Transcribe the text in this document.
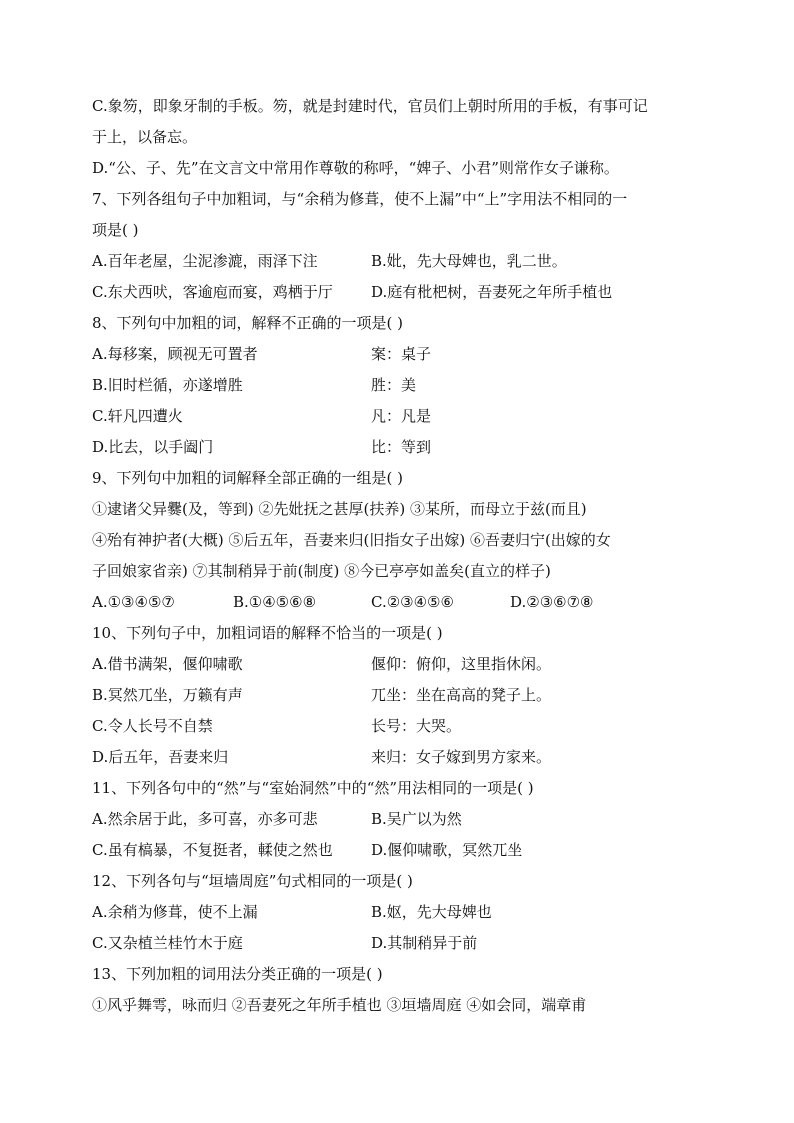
C.象笏，即象牙制的手板。笏，就是封建时代，官员们上朝时所用的手板，有事可记
于上，以备忘。
D.“公、子、先”在文言文中常用作尊敬的称呼，“婢子、小君”则常作女子谦称。
7、下列各组句子中加粗词，与“余稍为修葺，使不上漏”中“上”字用法不相同的一
项是( )
A.百年老屋，尘泥渗漉，雨泽下注	B.妣，先大母婢也，乳二世。
C.东犬西吠，客逾庖而宴，鸡栖于厅	D.庭有枇杷树，吾妻死之年所手植也
8、下列句中加粗的词，解释不正确的一项是( )
A.每移案，顾视无可置者	案：桌子
B.旧时栏循，亦遂增胜	胜：美
C.轩凡四遭火	凡：凡是
D.比去，以手阖门	比：等到
9、下列句中加粗的词解释全部正确的一组是( )
①逮诸父异爨(及，等到) ②先妣抚之甚厚(扶养) ③某所，而母立于兹(而且)
④殆有神护者(大概) ⑤后五年，吾妻来归(旧指女子出嫁) ⑥吾妻归宁(出嫁的女
子回娘家省亲) ⑦其制稍异于前(制度) ⑧今已亭亭如盖矣(直立的样子)
A.①③④⑤⑦	B.①④⑤⑥⑧	C.②③④⑤⑥	D.②③⑥⑦⑧
10、下列句子中，加粗词语的解释不恰当的一项是( )
A.借书满架，偃仰啸歌	偃仰：俯仰，这里指休闲。
B.冥然兀坐，万籁有声	兀坐：坐在高高的凳子上。
C.令人长号不自禁	长号：大哭。
D.后五年，吾妻来归	来归：女子嫁到男方家来。
11、下列各句中的“然”与“室始洞然”中的“然”用法相同的一项是( )
A.然余居于此，多可喜，亦多可悲	B.吴广以为然
C.虽有槁暴，不复挺者，輮使之然也	D.偃仰啸歌，冥然兀坐
12、下列各句与“垣墙周庭”句式相同的一项是( )
A.余稍为修葺，使不上漏	B.妪，先大母婢也
C.又杂植兰桂竹木于庭	D.其制稍异于前
13、下列加粗的词用法分类正确的一项是( )
①风乎舞雩，咏而归 ②吾妻死之年所手植也 ③垣墙周庭 ④如会同，端章甫
